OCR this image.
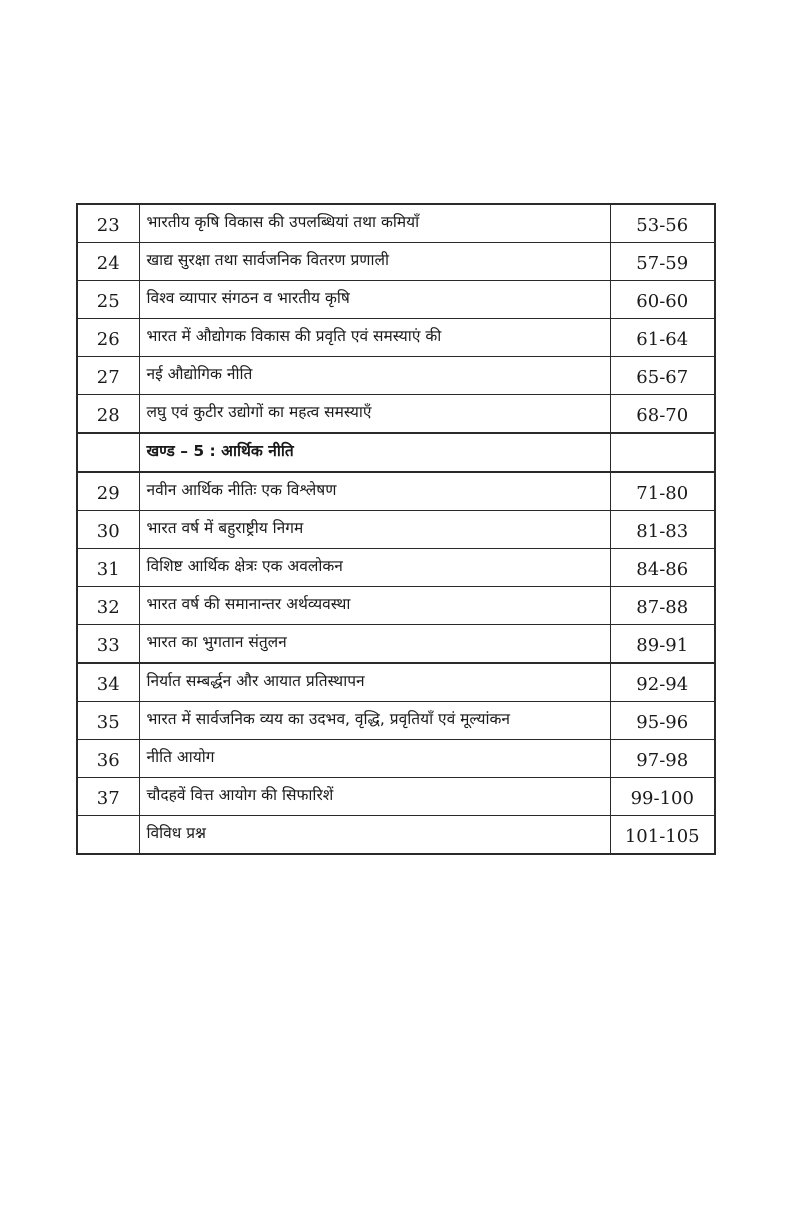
23	भारतीय कृषि विकास की उपलब्धियां तथा कमियाँ	53-56
24	खाद्य सुरक्षा तथा सार्वजनिक वितरण प्रणाली	57-59
25	विश्व व्यापार संगठन व भारतीय कृषि	60-60
26	भारत में औद्योगक विकास की प्रवृति एवं समस्याएं की	61-64
27	नई औद्योगिक नीति	65-67
28	लघु एवं कुटीर उद्योगों का महत्व समस्याएँ	68-70
	खण्ड – 5 : आर्थिक नीति	
29	नवीन आर्थिक नीतिः एक विश्लेषण	71-80
30	भारत वर्ष में बहुराष्ट्रीय निगम	81-83
31	विशिष्ट आर्थिक क्षेत्रः एक अवलोकन	84-86
32	भारत वर्ष की समानान्तर अर्थव्यवस्था	87-88
33	भारत का भुगतान संतुलन	89-91
34	निर्यात सम्बर्द्धन और आयात प्रतिस्थापन	92-94
35	भारत में सार्वजनिक व्यय का उदभव, वृद्धि, प्रवृतियाँ एवं मूल्यांकन	95-96
36	नीति आयोग	97-98
37	चौदहवें वित्त आयोग की सिफारिशें	99-100
	विविध प्रश्न	101-105
